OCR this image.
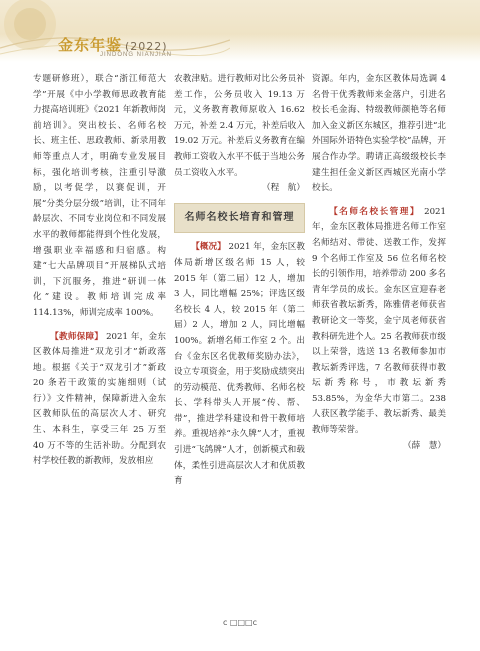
金东年鉴 (2022)
JINDONG NIANJIAN

专题研修班），联合“浙江师范大学”开展《中小学教师思政教育能力提高培训班》《2021 年新教师岗前培训》。突出校长、名师名校长、班主任、思政教师、新录用教师等重点人才，明确专业发展目标，强化培训考核，注重引导激励，以考促学，以赛促训，开展“分类分层分级”培训，让不同年龄层次、不同专业岗位和不同发展水平的教师都能得到个性化发展，增强职业幸福感和归宿感。构建“七大品牌项目”开展梯队式培训，下沉服务，推进“研训一体化”建设。教师培训完成率 114.13%，师训完成率 100%。

【教师保障】 2021 年，金东区教体局推进“双龙引才”新政落地。根据《关于“双龙引才”新政 20 条若干政策的实施细则（试行）》文件精神，保障新进入金东区教师队伍的高层次人才、研究生、本科生，享受三年 25 万至 40 万不等的生活补助。分配到农村学校任教的新教师，发放相应

农教津贴。进行教师对比公务员补差工作，公务员收入 19.13 万元，义务教育教师原收入 16.62 万元，补差 2.4 万元，补差后收入 19.02 万元。补差后义务教育在编教师工资收入水平不低于当地公务员工资收入水平。

（程　航）

名师名校长培育和管理

【概况】 2021 年，金东区教体局新增区级名师 15 人，较 2015 年（第二届）12 人，增加 3 人，同比增幅 25%；评选区级名校长 4 人，较 2015 年（第二届）2 人，增加 2 人，同比增幅 100%。新增名师工作室 2 个。出台《金东区名优教师奖励办法》，设立专项资金，用于奖励成绩突出的劳动模范、优秀教师、名师名校长、学科带头人开展“传、帮、带”，推进学科建设和骨干教师培养。重视培养“永久牌”人才，重视引进“飞鸽牌”人才，创新模式和载体，柔性引进高层次人才和优质教育

资源。年内，金东区教体局选调 4 名骨干优秀教师来金落户，引进名校长毛金海、特级教师颜艳等名师加入金义新区东城区，推荐引进“北外国际外语特色实验学校”品牌，开展合作办学。聘请正高级级校长李建生担任金义新区西城区光南小学校长。

【名师名校长管理】 2021 年，金东区教体局推进名师工作室名师结对、带徒、送教工作，发挥 9 个名师工作室及 56 位名师名校长的引领作用，培养带动 200 多名青年学员的成长。金东区宣迎春老师获省教坛新秀，陈雅倩老师获省教研论文一等奖，金宁凤老师获省教科研先进个人。25 名教师获市级以上荣誉，选送 13 名教师参加市教坛新秀评选，7 名教师获得市教坛新秀称号，市教坛新秀 53.85%，为金华大市第二。238 人获区教学能手、教坛新秀、最美教师等荣誉。

（薛　慧）

c □□□c
